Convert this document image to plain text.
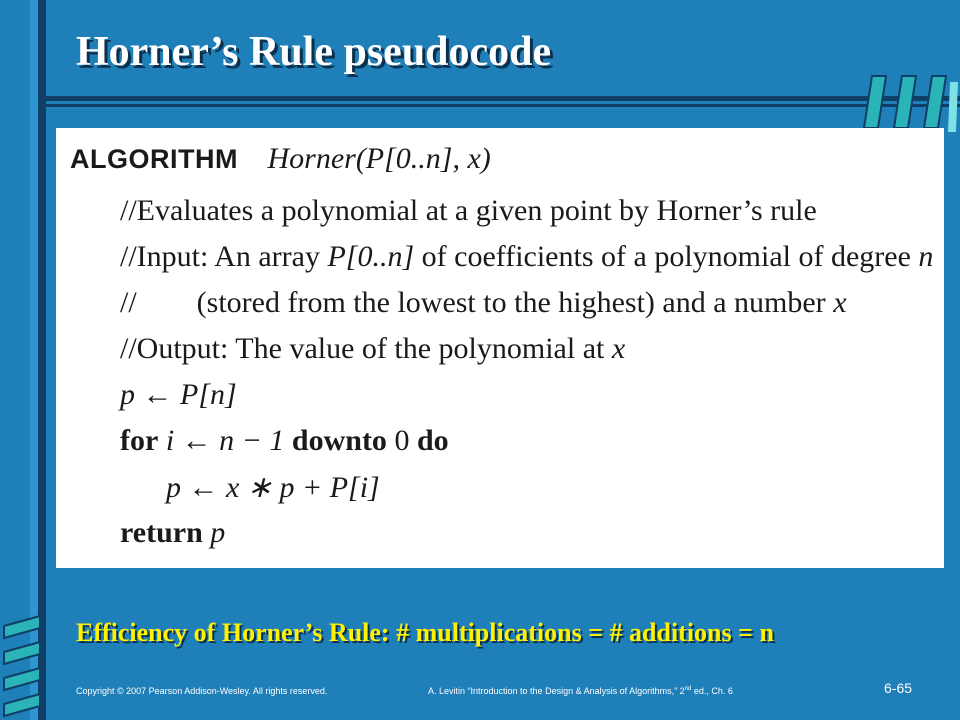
Horner’s Rule pseudocode
ALGORITHM Horner(P[0..n], x)
//Evaluates a polynomial at a given point by Horner’s rule
//Input: An array P[0..n] of coefficients of a polynomial of degree n
// (stored from the lowest to the highest) and a number x
//Output: The value of the polynomial at x
p ← P[n]
for i ← n − 1 downto 0 do
p ← x ∗ p + P[i]
return p
Efficiency of Horner’s Rule: # multiplications = # additions = n
Copyright © 2007 Pearson Addison-Wesley. All rights reserved.	A. Levitin “Introduction to the Design & Analysis of Algorithms,” 2nd ed., Ch. 6	6-65
